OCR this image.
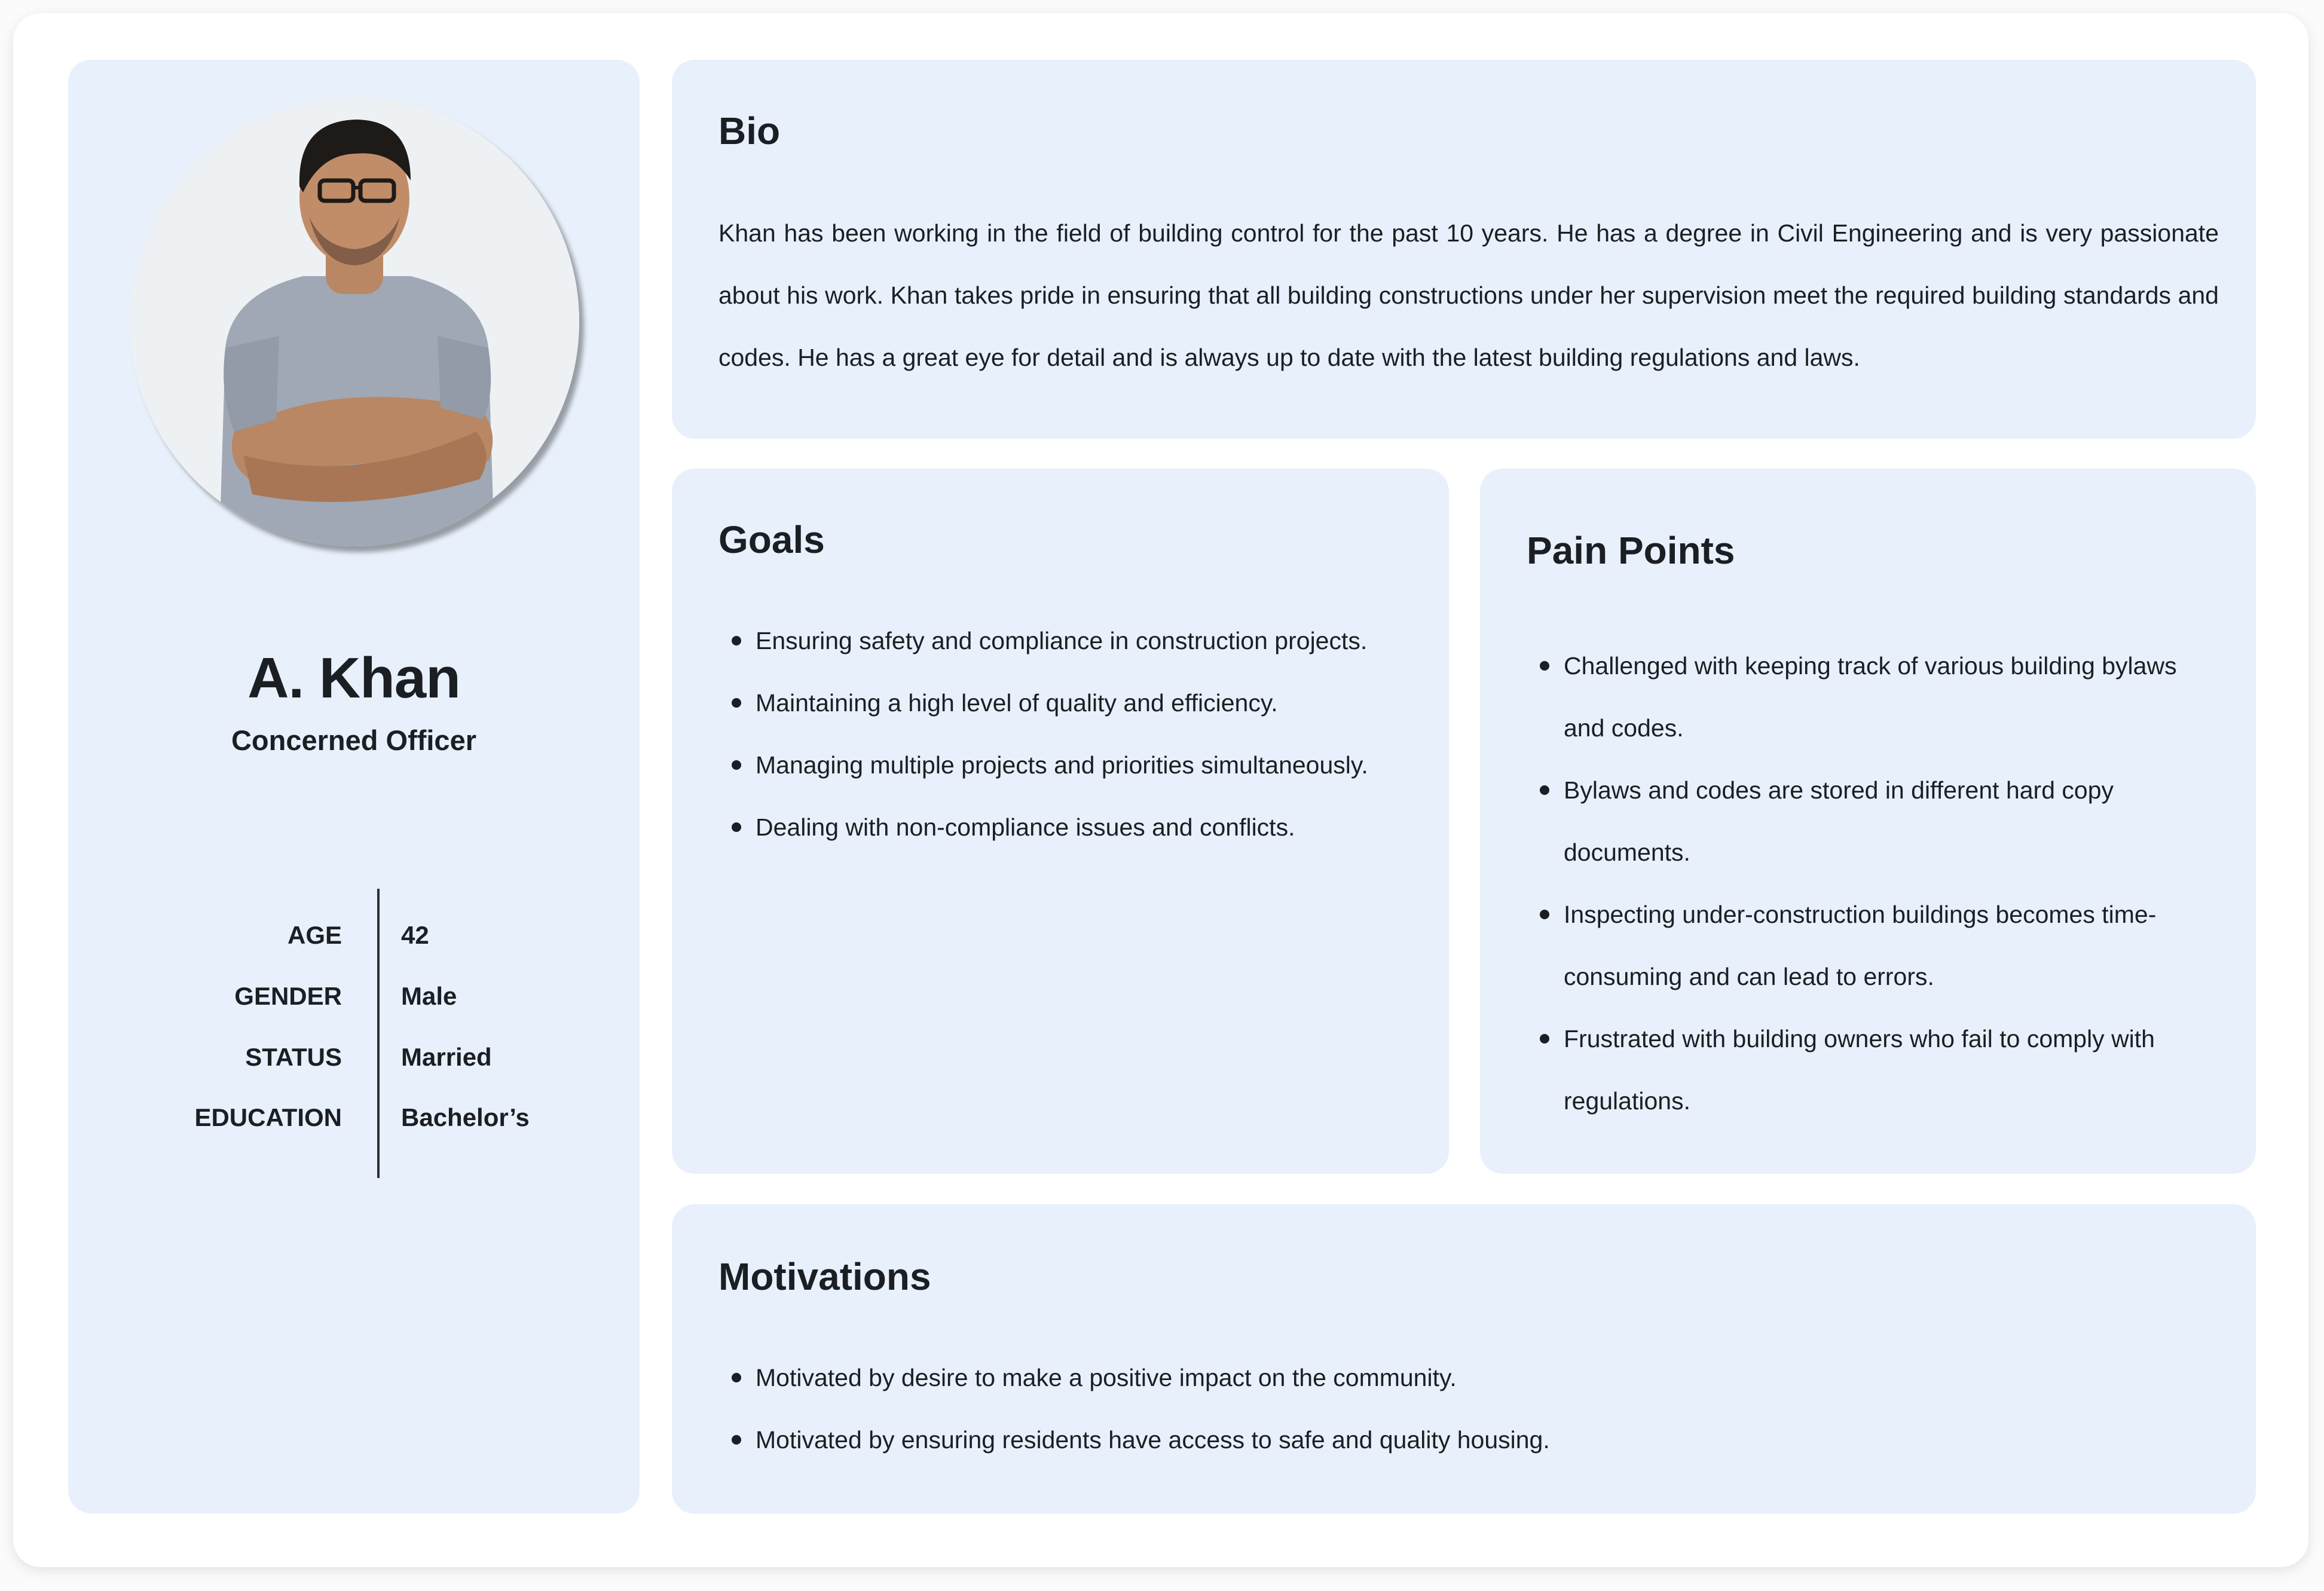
A. Khan
Concerned Officer
AGE 42
GENDER Male
STATUS Married
EDUCATION Bachelor’s
Bio

Khan has been working in the field of building control for the past 10 years. He has a degree in Civil Engineering and is very passionate about his work. Khan takes pride in ensuring that all building constructions under her supervision meet the required building standards and codes. He has a great eye for detail and is always up to date with the latest building regulations and laws.

Goals
Ensuring safety and compliance in construction projects.
Maintaining a high level of quality and efficiency.
Managing multiple projects and priorities simultaneously.
Dealing with non-compliance issues and conflicts.
Pain Points
Challenged with keeping track of various building bylaws and codes.
Bylaws and codes are stored in different hard copy documents.
Inspecting under-construction buildings becomes time-consuming and can lead to errors.
Frustrated with building owners who fail to comply with regulations.
Motivations
Motivated by desire to make a positive impact on the community.
Motivated by ensuring residents have access to safe and quality housing.
